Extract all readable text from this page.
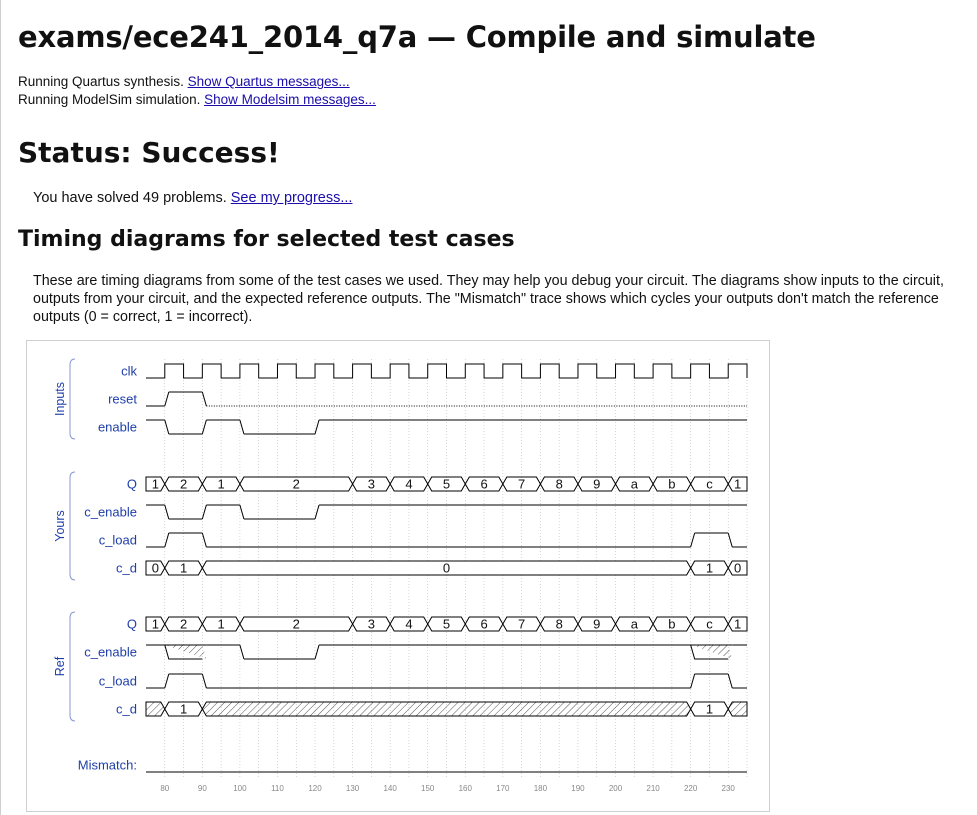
exams/ece241_2014_q7a — Compile and simulate
Running Quartus synthesis. Show Quartus messages...
Running ModelSim simulation. Show Modelsim messages...
Status: Success!
You have solved 49 problems. See my progress...
Timing diagrams for selected test cases

These are timing diagrams from some of the test cases we used. They may help you debug your circuit. The diagrams show inputs to the circuit, outputs from your circuit, and the expected reference outputs. The "Mismatch" trace shows which cycles your outputs don't match the reference outputs (0 = correct, 1 = incorrect).

80	90	100	110	120	130	140	150	160	170	180	190	200	210	220	230
clk
reset
enable
Inputs
Q 1 2 1	2	3 4 5 6 7 8 9 a b c 1
c_enable
c_load
c_d 0 1	0	1 0
Yours
Q 1 2 1	2	3 4 5 6 7 8 9 a b c 1
c_enable
c_load
c_d	1	1
Ref
Mismatch:
